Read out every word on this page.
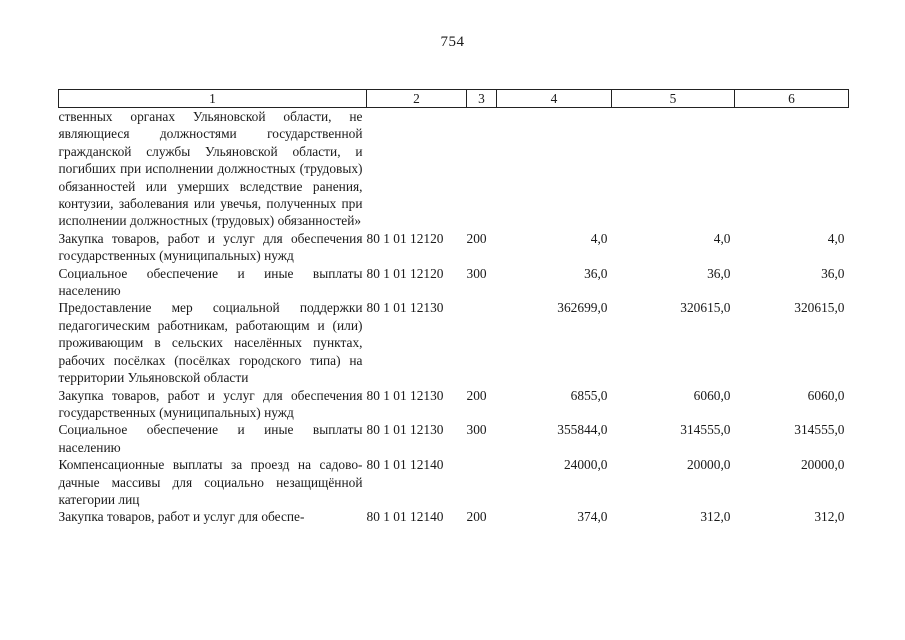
754
1	2	3	4	5	6
ственных органах Ульяновской области, не являющиеся должностями государственной гражданской службы Ульяновской области, и погибших при исполнении должностных (трудовых) обязанностей или умерших вследствие ранения, контузии, заболевания или увечья, полученных при исполнении должностных (трудовых) обязанностей»					
Закупка товаров, работ и услуг для обеспечения государственных (муниципальных) нужд	80 1 01 12120	200	4,0	4,0	4,0
Социальное обеспечение и иные выплаты населению	80 1 01 12120	300	36,0	36,0	36,0
Предоставление мер социальной поддержки педагогическим работникам, работающим и (или) проживающим в сельских населённых пунктах, рабочих посёлках (посёлках городского типа) на территории Ульяновской области	80 1 01 12130		362699,0	320615,0	320615,0
Закупка товаров, работ и услуг для обеспечения государственных (муниципальных) нужд	80 1 01 12130	200	6855,0	6060,0	6060,0
Социальное обеспечение и иные выплаты населению	80 1 01 12130	300	355844,0	314555,0	314555,0
Компенсационные выплаты за проезд на садово-дачные массивы для социально незащищённой категории лиц	80 1 01 12140		24000,0	20000,0	20000,0
Закупка товаров, работ и услуг для обеспе-	80 1 01 12140	200	374,0	312,0	312,0
